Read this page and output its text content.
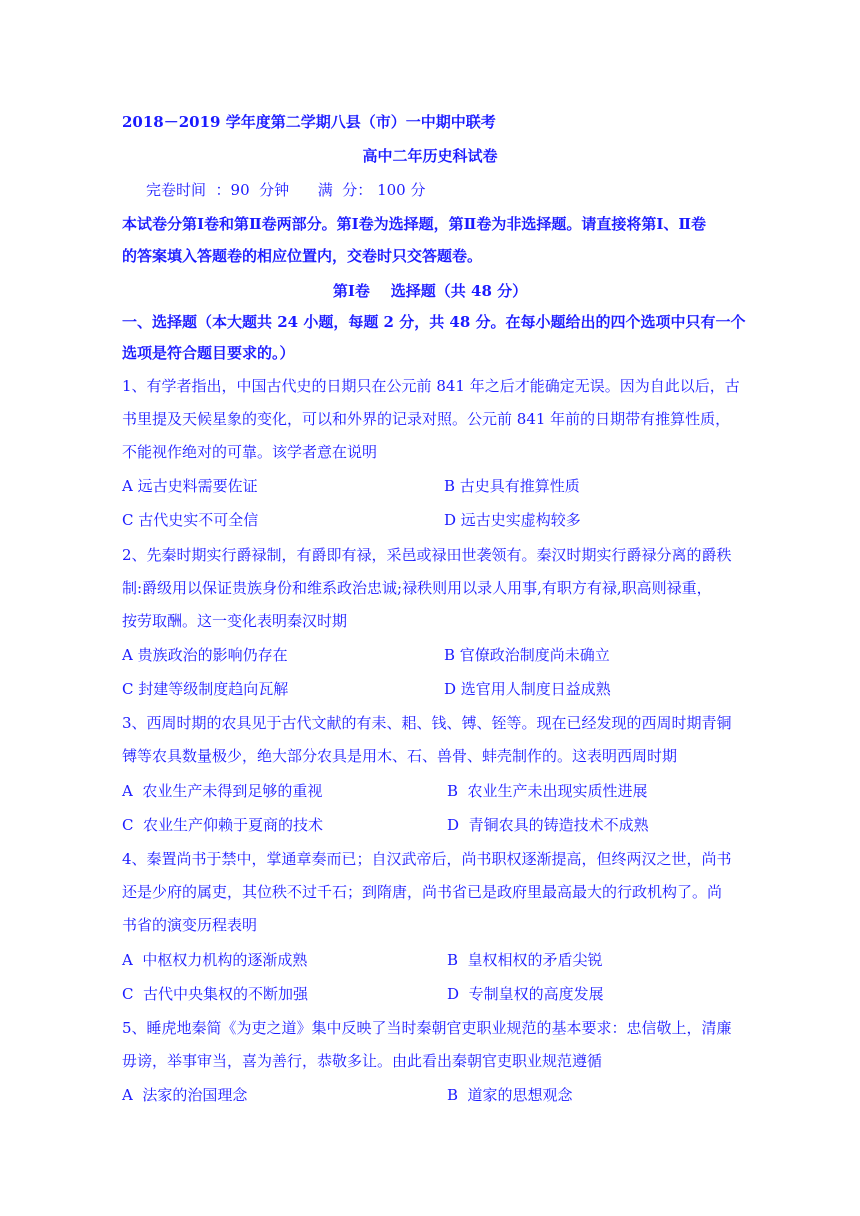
2018－2019 学年度第二学期八县（市）一中期中联考
高中二年历史科试卷
完卷时间  ：90  分钟      满  分： 100 分
本试卷分第Ⅰ卷和第Ⅱ卷两部分。第Ⅰ卷为选择题，第Ⅱ卷为非选择题。请直接将第Ⅰ、Ⅱ卷
的答案填入答题卷的相应位置内，交卷时只交答题卷。
第Ⅰ卷    选择题（共 48 分）
一、选择题（本大题共 24 小题，每题 2 分，共 48 分。在每小题给出的四个选项中只有一个
选项是符合题目要求的。）
1、有学者指出，中国古代史的日期只在公元前 841 年之后才能确定无误。因为自此以后，古
书里提及天候星象的变化，可以和外界的记录对照。公元前 841 年前的日期带有推算性质，
不能视作绝对的可靠。该学者意在说明
A 远古史料需要佐证	B 古史具有推算性质
C 古代史实不可全信	D 远古史实虚构较多
2、先秦时期实行爵禄制，有爵即有禄，采邑或禄田世袭领有。秦汉时期实行爵禄分离的爵秩
制:爵级用以保证贵族身份和维系政治忠诚;禄秩则用以录人用事,有职方有禄,职高则禄重，
按劳取酬。这一变化表明秦汉时期
A 贵族政治的影响仍存在	B 官僚政治制度尚未确立
C 封建等级制度趋向瓦解	D 选官用人制度日益成熟
3、西周时期的农具见于古代文献的有耒、耜、钱、镈、铚等。现在已经发现的西周时期青铜
镈等农具数量极少，绝大部分农具是用木、石、兽骨、蚌壳制作的。这表明西周时期
A  农业生产未得到足够的重视	B  农业生产未出现实质性进展
C  农业生产仰赖于夏商的技术	D  青铜农具的铸造技术不成熟
4、秦置尚书于禁中，掌通章奏而已；自汉武帝后，尚书职权逐渐提高，但终两汉之世，尚书
还是少府的属吏，其位秩不过千石；到隋唐，尚书省已是政府里最高最大的行政机构了。尚
书省的演变历程表明
A  中枢权力机构的逐渐成熟	B  皇权相权的矛盾尖锐
C  古代中央集权的不断加强	D  专制皇权的高度发展
5、睡虎地秦简《为吏之道》集中反映了当时秦朝官吏职业规范的基本要求：忠信敬上，清廉
毋谤，举事审当，喜为善行，恭敬多让。由此看出秦朝官吏职业规范遵循
A  法家的治国理念	B  道家的思想观念
